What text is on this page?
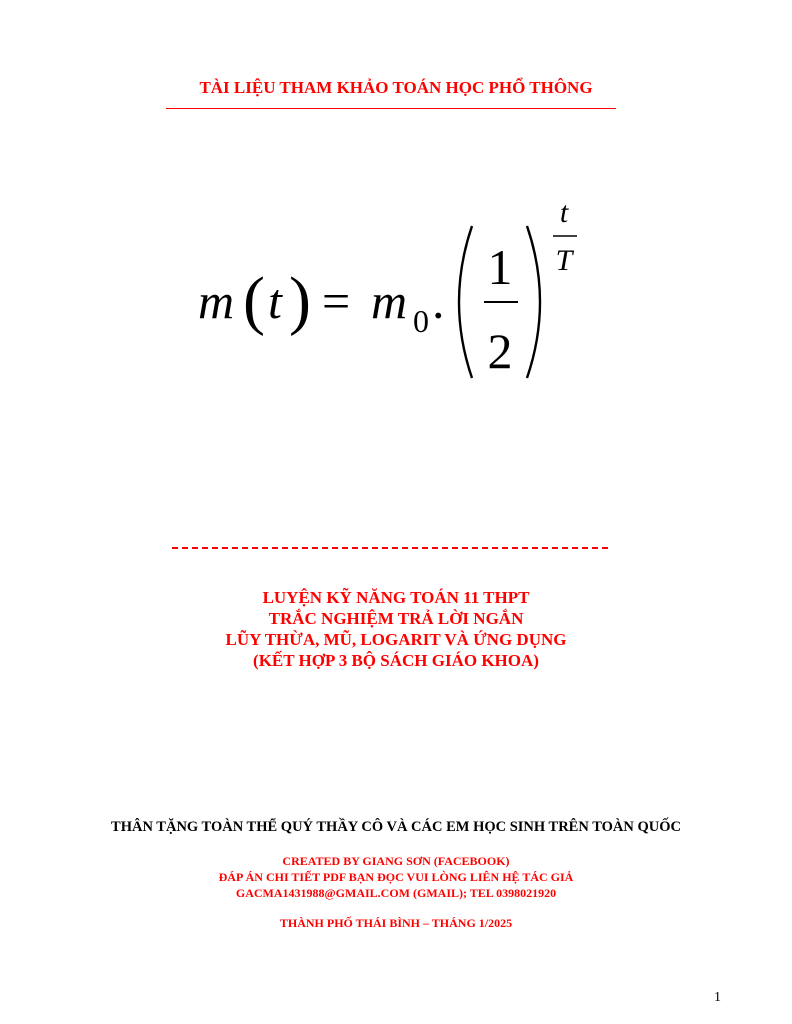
TÀI LIỆU THAM KHẢO TOÁN HỌC PHỔ THÔNG
m ( t ) = m 0 .
1
2
t
T
LUYỆN KỸ NĂNG TOÁN 11 THPT
TRẮC NGHIỆM TRẢ LỜI NGẮN
LŨY THỪA, MŨ, LOGARIT VÀ ỨNG DỤNG
(KẾT HỢP 3 BỘ SÁCH GIÁO KHOA)
THÂN TẶNG TOÀN THỂ QUÝ THẦY CÔ VÀ CÁC EM HỌC SINH TRÊN TOÀN QUỐC
CREATED BY GIANG SƠN (FACEBOOK)
ĐÁP ÁN CHI TIẾT PDF BẠN ĐỌC VUI LÒNG LIÊN HỆ TÁC GIẢ
GACMA1431988@GMAIL.COM (GMAIL); TEL 0398021920
THÀNH PHỐ THÁI BÌNH – THÁNG 1/2025
1
